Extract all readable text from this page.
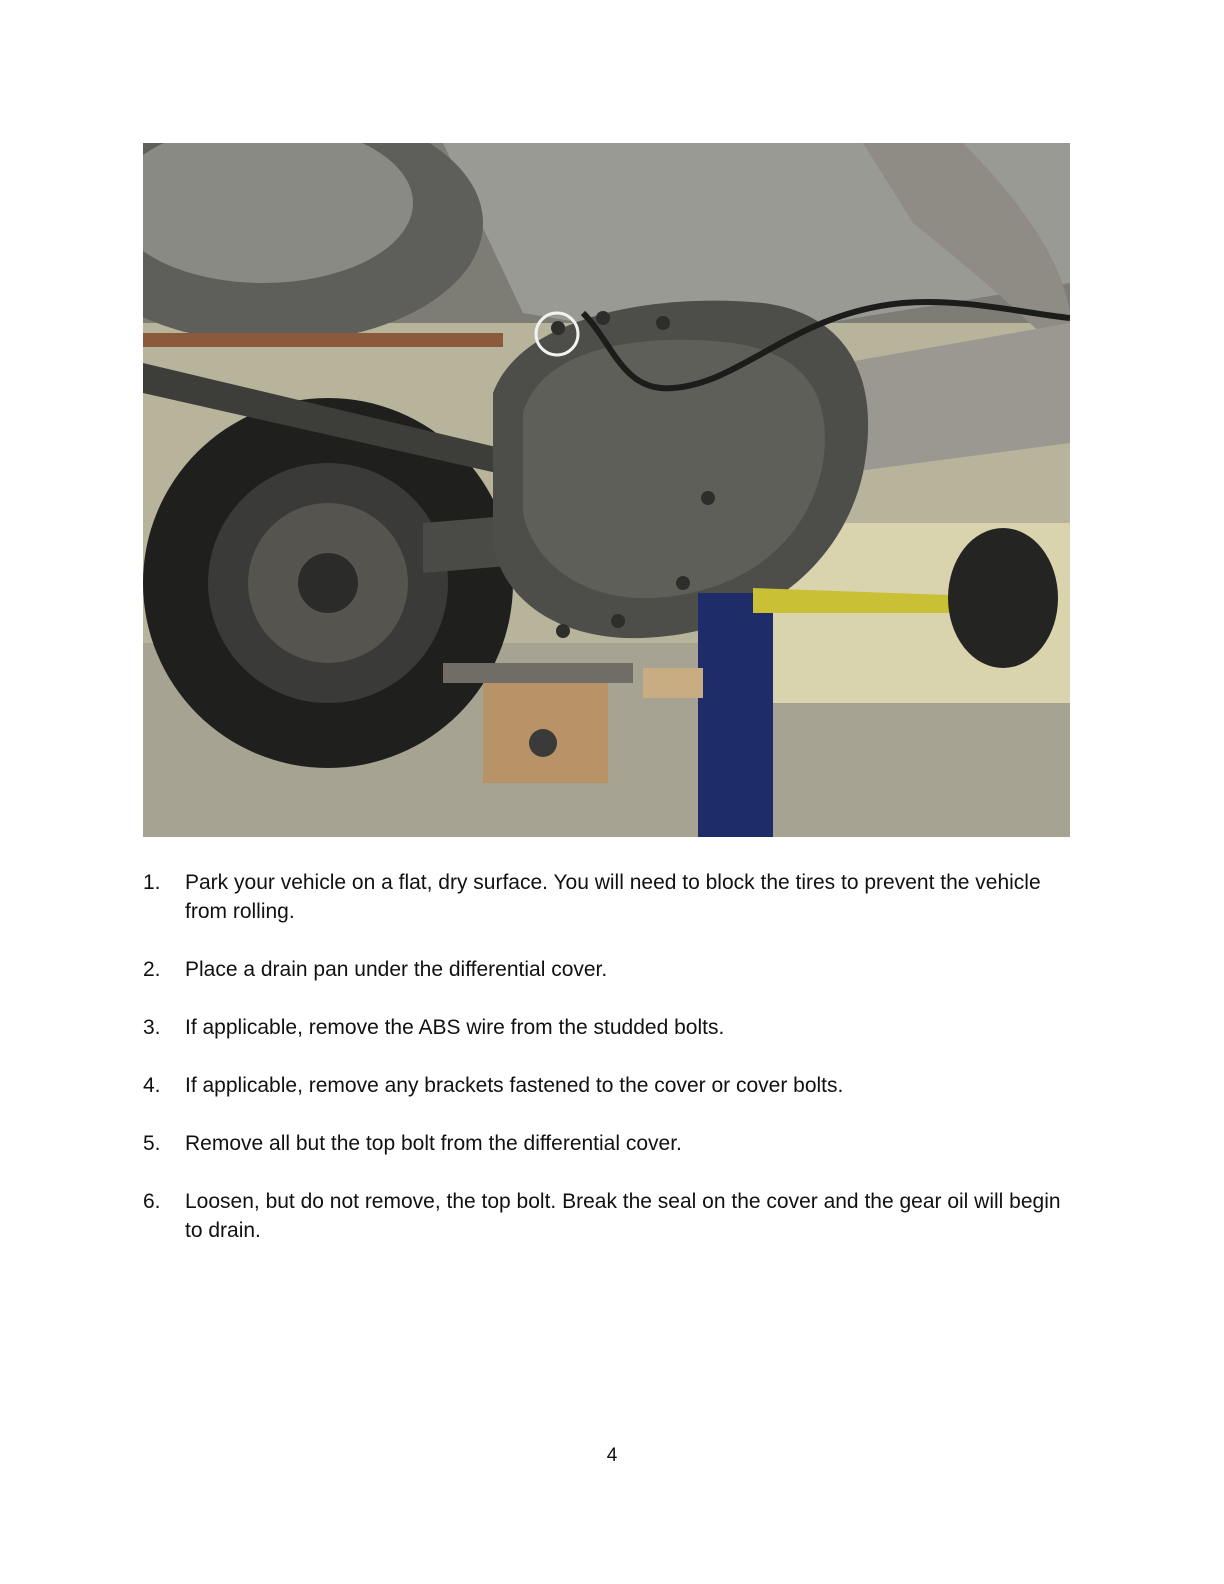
1.	Park your vehicle on a flat, dry surface. You will need to block the tires to prevent the vehicle from rolling.
2.	Place a drain pan under the differential cover.
3.	If applicable, remove the ABS wire from the studded bolts.
4.	If applicable, remove any brackets fastened to the cover or cover bolts.
5.	Remove all but the top bolt from the differential cover.
6.	Loosen, but do not remove, the top bolt. Break the seal on the cover and the gear oil will begin to drain.
4
